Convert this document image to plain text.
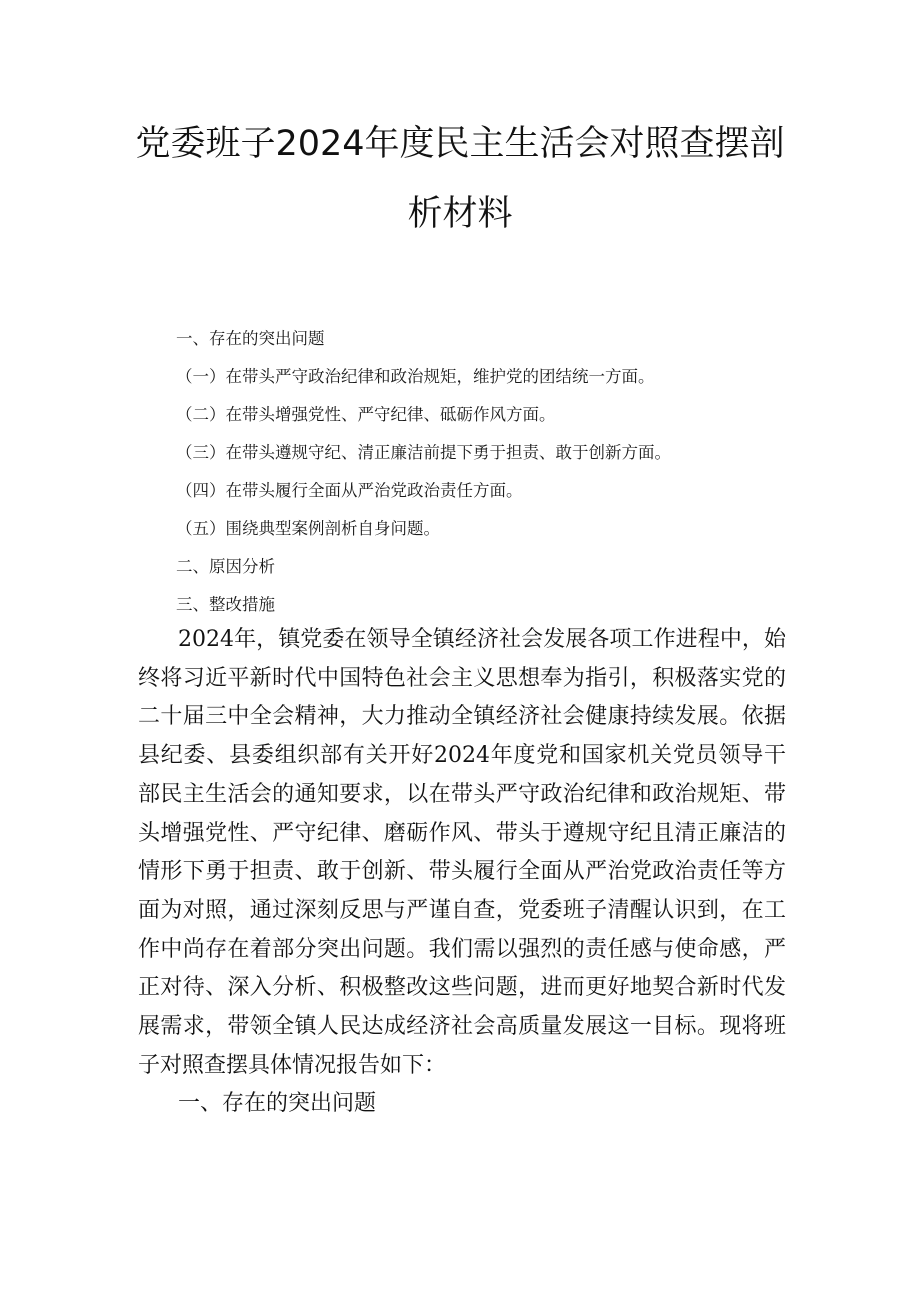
党委班子2024年度民主生活会对照查摆剖
析材料
一、存在的突出问题
（一）在带头严守政治纪律和政治规矩，维护党的团结统一方面。
（二）在带头增强党性、严守纪律、砥砺作风方面。
（三）在带头遵规守纪、清正廉洁前提下勇于担责、敢于创新方面。
（四）在带头履行全面从严治党政治责任方面。
（五）围绕典型案例剖析自身问题。
二、原因分析
三、整改措施

2024年，镇党委在领导全镇经济社会发展各项工作进程中，始终将习近平新时代中国特色社会主义思想奉为指引，积极落实党的二十届三中全会精神，大力推动全镇经济社会健康持续发展。依据县纪委、县委组织部有关开好2024年度党和国家机关党员领导干部民主生活会的通知要求，以在带头严守政治纪律和政治规矩、带头增强党性、严守纪律、磨砺作风、带头于遵规守纪且清正廉洁的情形下勇于担责、敢于创新、带头履行全面从严治党政治责任等方面为对照，通过深刻反思与严谨自查，党委班子清醒认识到，在工作中尚存在着部分突出问题。我们需以强烈的责任感与使命感，严正对待、深入分析、积极整改这些问题，进而更好地契合新时代发展需求，带领全镇人民达成经济社会高质量发展这一目标。现将班子对照查摆具体情况报告如下：

一、存在的突出问题
